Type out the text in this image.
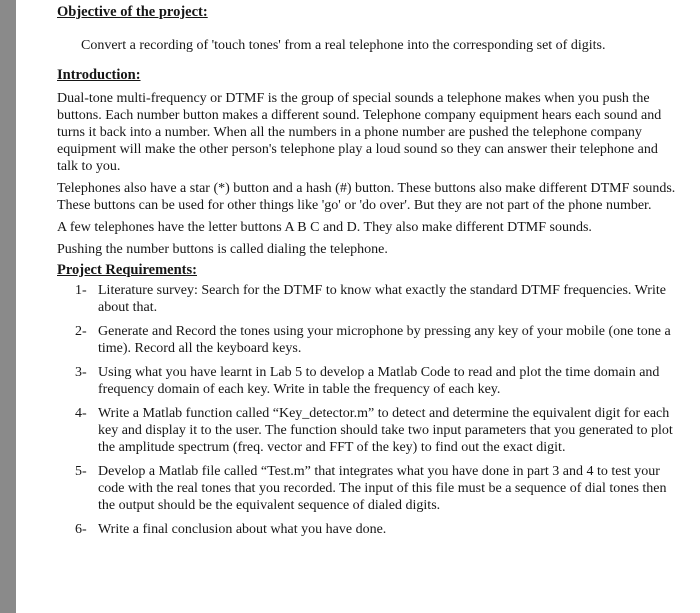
Objective of the project:

Convert a recording of 'touch tones' from a real telephone into the corresponding set of digits.

Introduction:

Dual-tone multi-frequency or DTMF is the group of special sounds a telephone makes when you push the buttons. Each number button makes a different sound. Telephone company equipment hears each sound and turns it back into a number. When all the numbers in a phone number are pushed the telephone company equipment will make the other person's telephone play a loud sound so they can answer their telephone and talk to you.

Telephones also have a star (*) button and a hash (#) button. These buttons also make different DTMF sounds. These buttons can be used for other things like 'go' or 'do over'. But they are not part of the phone number.

A few telephones have the letter buttons A B C and D. They also make different DTMF sounds.

Pushing the number buttons is called dialing the telephone.

Project Requirements:
1- Literature survey: Search for the DTMF to know what exactly the standard DTMF frequencies. Write about that.
2- Generate and Record the tones using your microphone by pressing any key of your mobile (one tone a time). Record all the keyboard keys.
3- Using what you have learnt in Lab 5 to develop a Matlab Code to read and plot the time domain and frequency domain of each key. Write in table the frequency of each key.
4- Write a Matlab function called “Key_detector.m” to detect and determine the equivalent digit for each key and display it to the user. The function should take two input parameters that you generated to plot the amplitude spectrum (freq. vector and FFT of the key) to find out the exact digit.
5- Develop a Matlab file called “Test.m” that integrates what you have done in part 3 and 4 to test your code with the real tones that you recorded. The input of this file must be a sequence of dial tones then the output should be the equivalent sequence of dialed digits.
6- Write a final conclusion about what you have done.
